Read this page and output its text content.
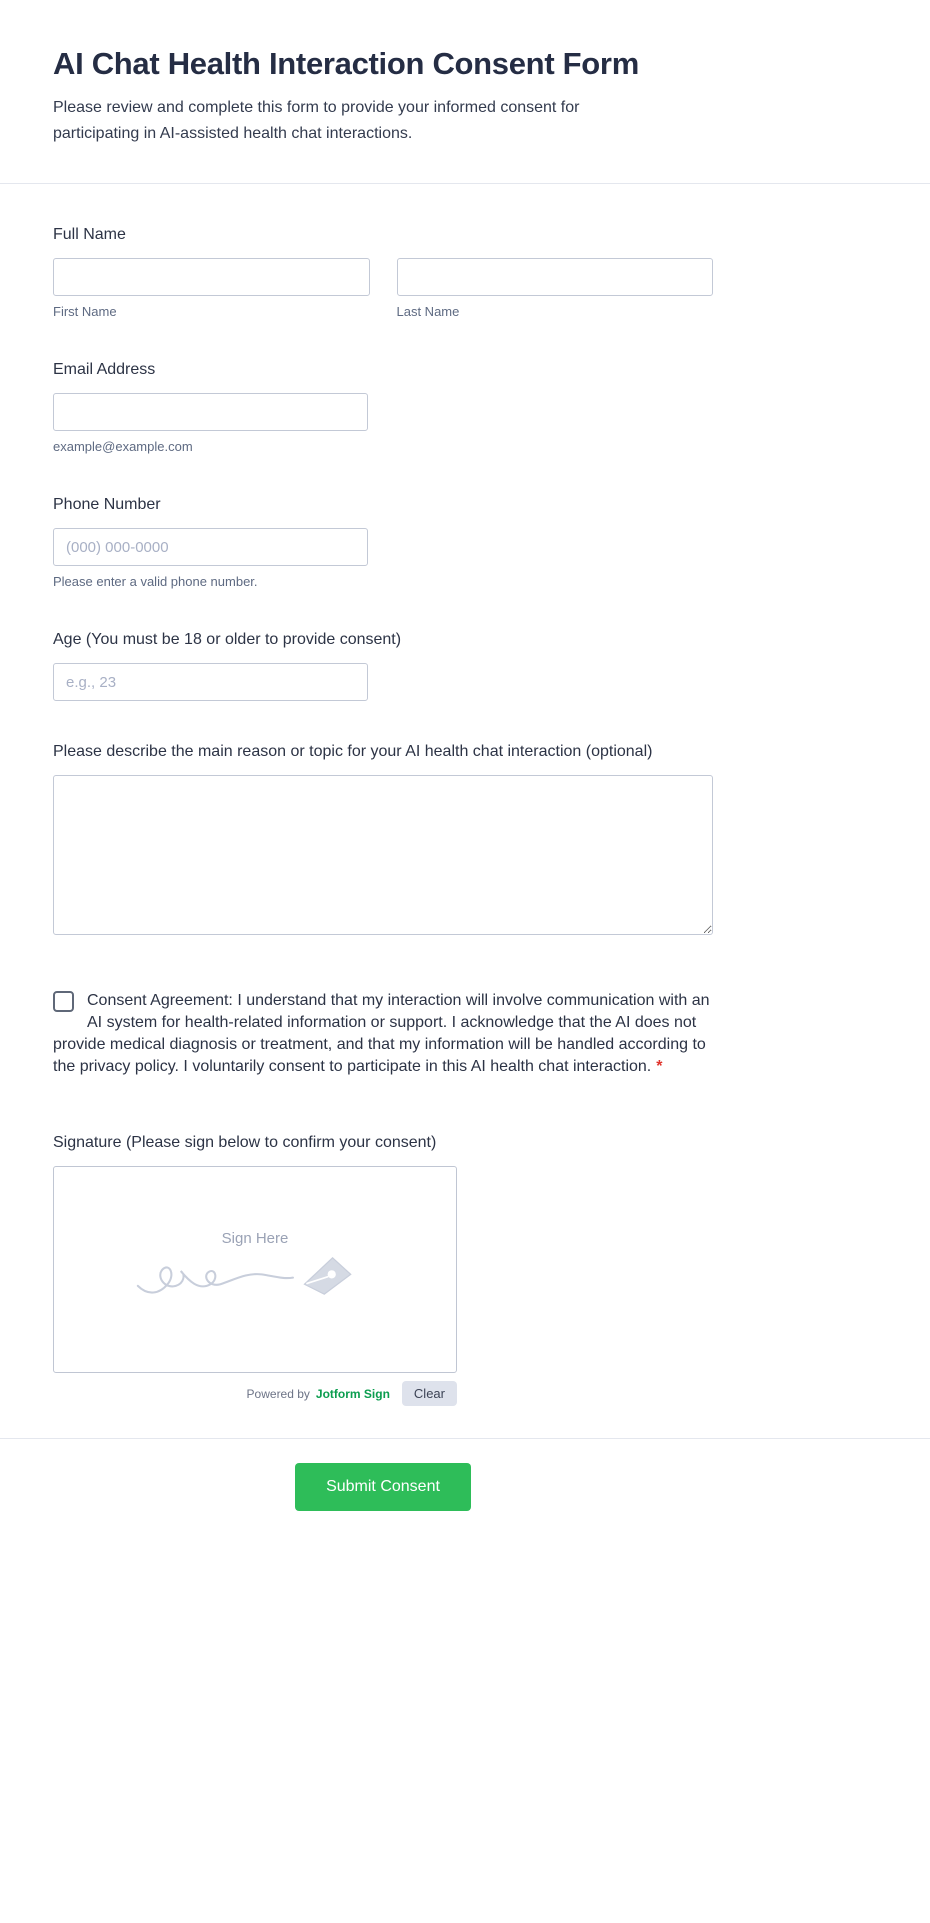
AI Chat Health Interaction Consent Form

Please review and complete this form to provide your informed consent for participating in AI-assisted health chat interactions.

Full Name
First Name	Last Name
Email Address
example@example.com
Phone Number
(000) 000-0000
Please enter a valid phone number.
Age (You must be 18 or older to provide consent)
e.g., 23
Please describe the main reason or topic for your AI health chat interaction (optional)
Consent Agreement: I understand that my interaction will involve communication with an AI system for health-related information or support. I acknowledge that the AI does not provide medical diagnosis or treatment, and that my information will be handled according to the privacy policy. I voluntarily consent to participate in this AI health chat interaction. *
Signature (Please sign below to confirm your consent)
Sign Here
Powered by Jotform Sign	Clear
Submit Consent
